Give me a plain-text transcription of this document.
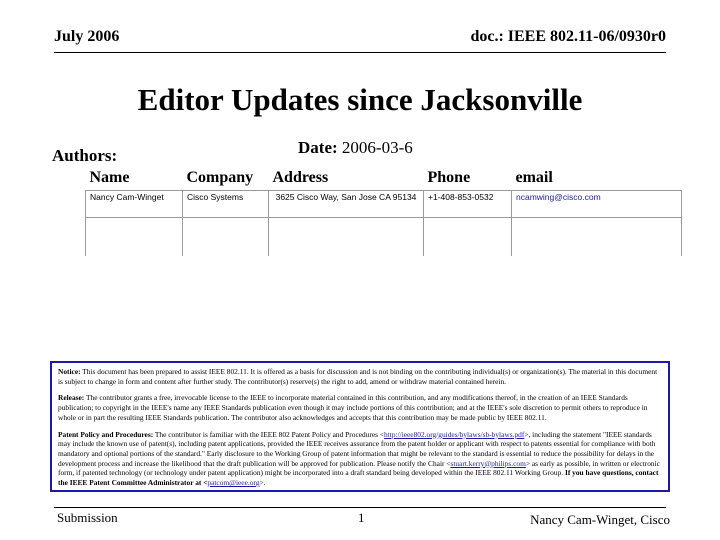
July 2006	doc.: IEEE 802.11-06/0930r0
Editor Updates since Jacksonville
Authors:	Date: 2006-03-6
Name	Company	Address	Phone	email
Nancy Cam-Winget	Cisco Systems	3625 Cisco Way, San Jose CA 95134	+1-408-853-0532	ncamwing@cisco.com

Notice: This document has been prepared to assist IEEE 802.11. It is offered as a basis for discussion and is not binding on the contributing individual(s) or organization(s). The material in this document is subject to change in form and content after further study. The contributor(s) reserve(s) the right to add, amend or withdraw material contained herein.

Release: The contributor grants a free, irrevocable license to the IEEE to incorporate material contained in this contribution, and any modifications thereof, in the creation of an IEEE Standards publication; to copyright in the IEEE's name any IEEE Standards publication even though it may include portions of this contribution; and at the IEEE's sole discretion to permit others to reproduce in whole or in part the resulting IEEE Standards publication. The contributor also acknowledges and accepts that this contribution may be made public by IEEE 802.11.

Patent Policy and Procedures: The contributor is familiar with the IEEE 802 Patent Policy and Procedures <http://ieee802.org/guides/bylaws/sb-bylaws.pdf>, including the statement "IEEE standards may include the known use of patent(s), including patent applications, provided the IEEE receives assurance from the patent holder or applicant with respect to patents essential for compliance with both mandatory and optional portions of the standard." Early disclosure to the Working Group of patent information that might be relevant to the standard is essential to reduce the possibility for delays in the development process and increase the likelihood that the draft publication will be approved for publication. Please notify the Chair <stuart.kerry@philips.com> as early as possible, in written or electronic form, if patented technology (or technology under patent application) might be incorporated into a draft standard being developed within the IEEE 802.11 Working Group. If you have questions, contact the IEEE Patent Committee Administrator at <patcom@ieee.org>.

Submission	1	Nancy Cam-Winget, Cisco
